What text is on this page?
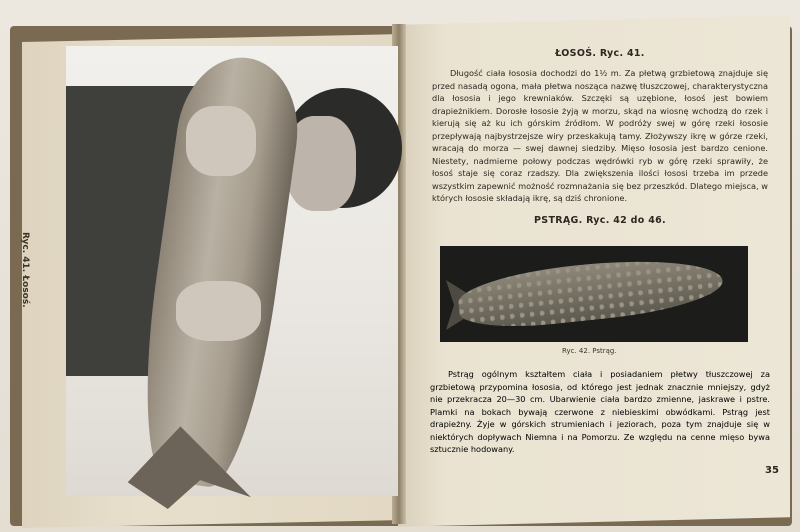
Ryc. 41. Łosoś.

ŁOSOŚ. Ryc. 41.

Długość ciała łososia dochodzi do 1½ m. Za płetwą grzbietową znajduje się przed nasadą ogona, mała płetwa nosząca nazwę tłuszczowej, charakterystyczna dla łososia i jego krewniaków. Szczęki są uzębione, łosoś jest bowiem drapieżnikiem. Dorosłe łososie żyją w morzu, skąd na wiosnę wchodzą do rzek i kierują się aż ku ich górskim źródłom. W podróży swej w górę rzeki łososie przepływają najbystrzejsze wiry przeskakują tamy. Złożywszy ikrę w górze rzeki, wracają do morza — swej dawnej siedziby. Mięso łososia jest bardzo cenione. Niestety, nadmierne połowy podczas wędrówki ryb w górę rzeki sprawiły, że łosoś staje się coraz rzadszy. Dla zwiększenia ilości łososi trzeba im przede wszystkim zapewnić możność rozmnażania się bez przeszkód. Dlatego miejsca, w których łososie składają ikrę, są dziś chronione.

PSTRĄG. Ryc. 42 do 46.

Ryc. 42. Pstrąg.

Pstrąg ogólnym kształtem ciała i posiadaniem płetwy tłuszczowej za grzbietową przypomina łososia, od którego jest jednak znacznie mniejszy, gdyż nie przekracza 20—30 cm. Ubarwienie ciała bardzo zmienne, jaskrawe i pstre. Plamki na bokach bywają czerwone z niebieskimi obwódkami. Pstrąg jest drapieżny. Żyje w górskich strumieniach i jeziorach, poza tym znajduje się w niektórych dopływach Niemna i na Pomorzu. Ze względu na cenne mięso bywa sztucznie hodowany.

35
